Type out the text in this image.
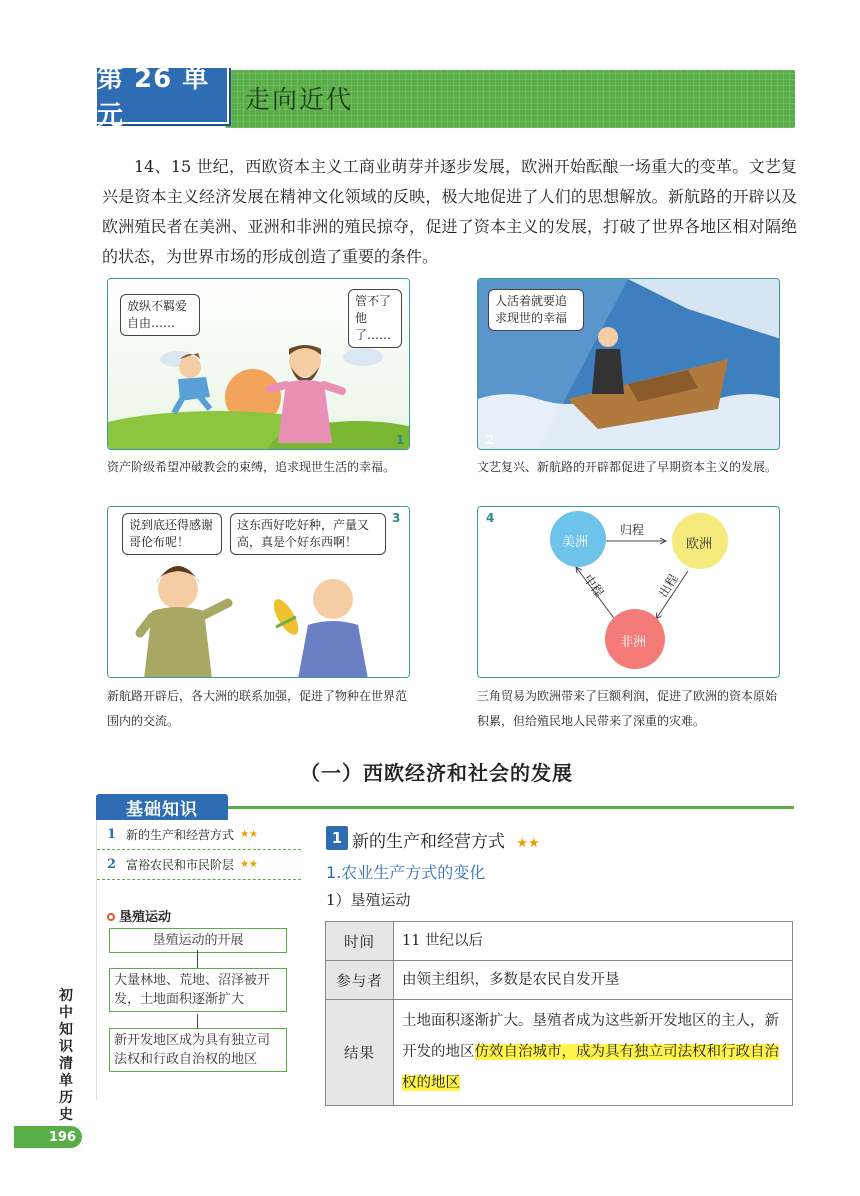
第 26 单元
走向近代

14、15 世纪，西欧资本主义工商业萌芽并逐步发展，欧洲开始酝酿一场重大的变革。文艺复兴是资本主义经济发展在精神文化领域的反映，极大地促进了人们的思想解放。新航路的开辟以及欧洲殖民者在美洲、亚洲和非洲的殖民掠夺，促进了资本主义的发展，打破了世界各地区相对隔绝的状态，为世界市场的形成创造了重要的条件。

放纵不羁爱自由……
管不了他了……
1
资产阶级希望冲破教会的束缚，追求现世生活的幸福。
人活着就要追求现世的幸福
2
文艺复兴、新航路的开辟都促进了早期资本主义的发展。
说到底还得感谢哥伦布呢！
这东西好吃好种，产量又高，真是个好东西啊！
3
新航路开辟后，各大洲的联系加强，促进了物种在世界范围内的交流。
美洲	欧洲
非洲
归程
出程
中程
4
三角贸易为欧洲带来了巨额利润，促进了欧洲的资本原始积累，但给殖民地人民带来了深重的灾难。
（一）西欧经济和社会的发展
基础知识
1 新的生产和经营方式 ★★
2 富裕农民和市民阶层 ★★
垦殖运动
垦殖运动的开展
大量林地、荒地、沼泽被开发，土地面积逐渐扩大
新开发地区成为具有独立司法权和行政自治权的地区
1 新的生产和经营方式 ★★
1.农业生产方式的变化
1）垦殖运动
时间	11 世纪以后
参与者	由领主组织，多数是农民自发开垦
结果	土地面积逐渐扩大。垦殖者成为这些新开发地区的主人，新开发的地区仿效自治城市，成为具有独立司法权和行政自治权的地区
初中知识清单 历史
196
